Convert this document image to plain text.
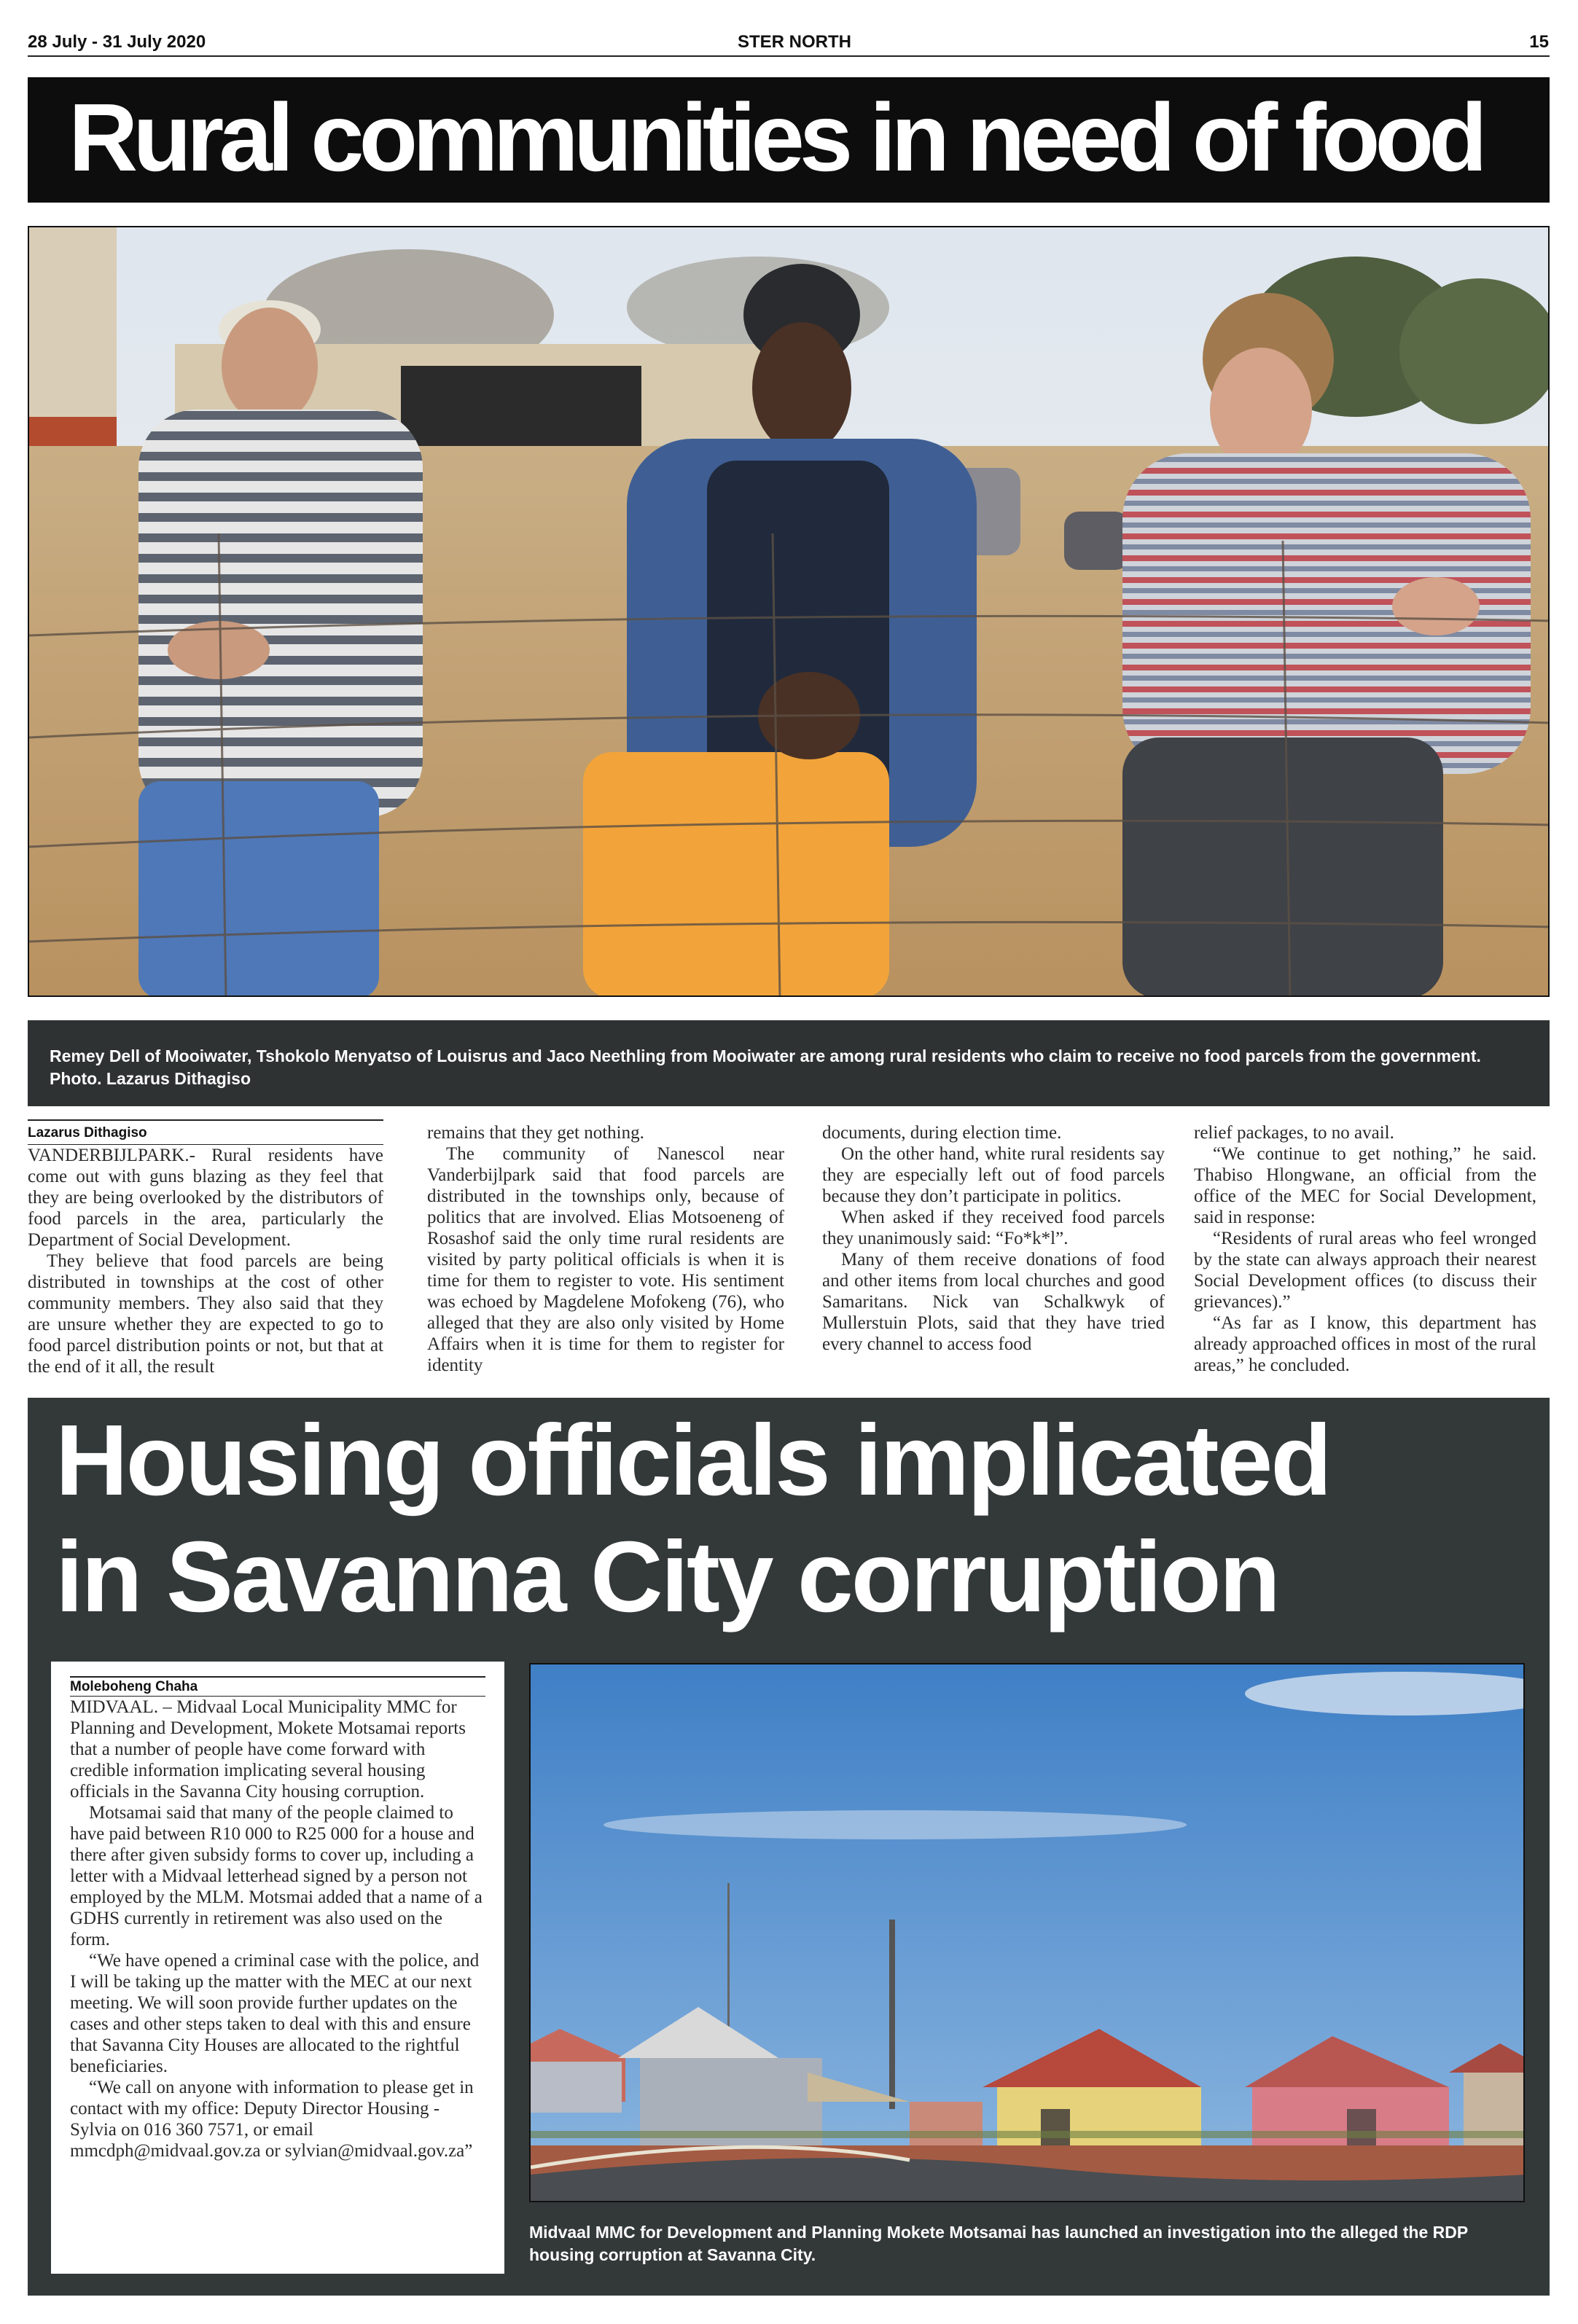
28 July - 31 July 2020	STER NORTH	15
Rural communities in need of food
Remey Dell of Mooiwater, Tshokolo Menyatso of Louisrus and Jaco Neethling from Mooiwater are among rural residents who claim to receive no food parcels from the government. Photo. Lazarus Dithagiso
Lazarus Dithagiso

VANDERBIJLPARK.- Rural residents have come out with guns blazing as they feel that they are being overlooked by the distributors of food parcels in the area, particularly the Department of Social Development.

They believe that food parcels are being distributed in townships at the cost of other community members. They also said that they are unsure whether they are expected to go to food parcel distribution points or not, but that at the end of it all, the result

remains that they get nothing.

The community of Nanescol near Vanderbijlpark said that food parcels are distributed in the townships only, because of politics that are involved. Elias Motsoeneng of Rosashof said the only time rural residents are visited by party political officials is when it is time for them to register to vote. His sentiment was echoed by Magdelene Mofokeng (76), who alleged that they are also only visited by Home Affairs when it is time for them to register for identity

documents, during election time.

On the other hand, white rural residents say they are especially left out of food parcels because they don’t participate in politics.

When asked if they received food parcels they unanimously said: “Fo*k*l”.

Many of them receive donations of food and other items from local churches and good Samaritans. Nick van Schalkwyk of Mullerstuin Plots, said that they have tried every channel to access food

relief packages, to no avail.

“We continue to get nothing,” he said. Thabiso Hlongwane, an official from the office of the MEC for Social Development, said in response:

“Residents of rural areas who feel wronged by the state can always approach their nearest Social Development offices (to discuss their grievances).”

“As far as I know, this department has already approached offices in most of the rural areas,” he concluded.

Housing officials implicated
in Savanna City corruption
Moleboheng Chaha

MIDVAAL. – Midvaal Local Municipality MMC for Planning and Development, Mokete Motsamai reports that a number of people have come forward with credible information implicating several housing officials in the Savanna City housing corruption.

Motsamai said that many of the people claimed to have paid between R10 000 to R25 000 for a house and there after given subsidy forms to cover up, including a letter with a Midvaal letterhead signed by a person not employed by the MLM. Motsmai added that a name of a GDHS currently in retirement was also used on the form.

“We have opened a criminal case with the police, and I will be taking up the matter with the MEC at our next meeting. We will soon provide further updates on the cases and other steps taken to deal with this and ensure that Savanna City Houses are allocated to the rightful beneficiaries.

“We call on anyone with information to please get in contact with my office: Deputy Director Housing - Sylvia on 016 360 7571, or email mmcdph@midvaal.gov.za or sylvian@midvaal.gov.za”

Midvaal MMC for Development and Planning Mokete Motsamai has launched an investigation into the alleged the RDP housing corruption at Savanna City.
